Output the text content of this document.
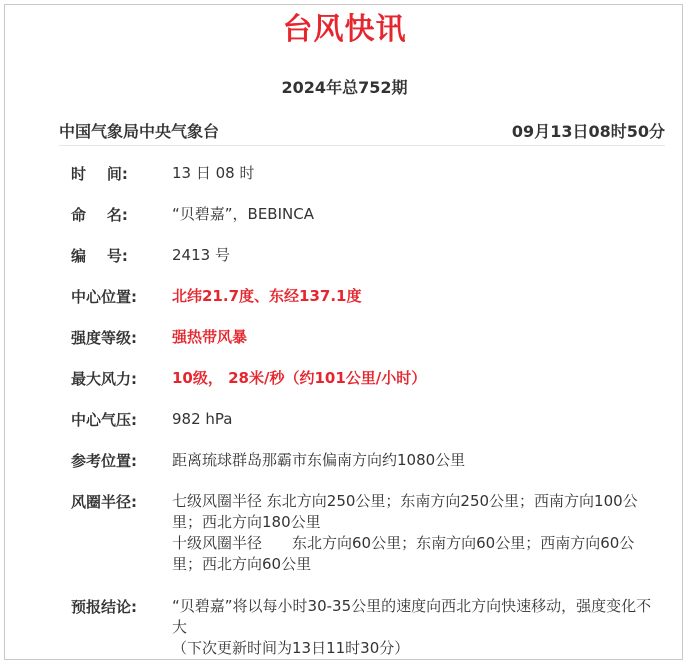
台风快讯
2024年总752期
中国气象局中央气象台	09月13日08时50分
时    间:	13 日 08 时
命    名:	“贝碧嘉”，BEBINCA
编    号:	2413 号
中心位置: 北纬21.7度、东经137.1度
强度等级: 强热带风暴
最大风力: 10级， 28米/秒（约101公里/小时）
中心气压: 982 hPa
参考位置: 距离琉球群岛那霸市东偏南方向约1080公里
风圈半径: 七级风圈半径 东北方向250公里；东南方向250公里；西南方向100公里；西北方向180公里
十级风圈半径 东北方向60公里；东南方向60公里；西南方向60公里；西北方向60公里
预报结论: “贝碧嘉”将以每小时30-35公里的速度向西北方向快速移动，强度变化不大
（下次更新时间为13日11时30分）
